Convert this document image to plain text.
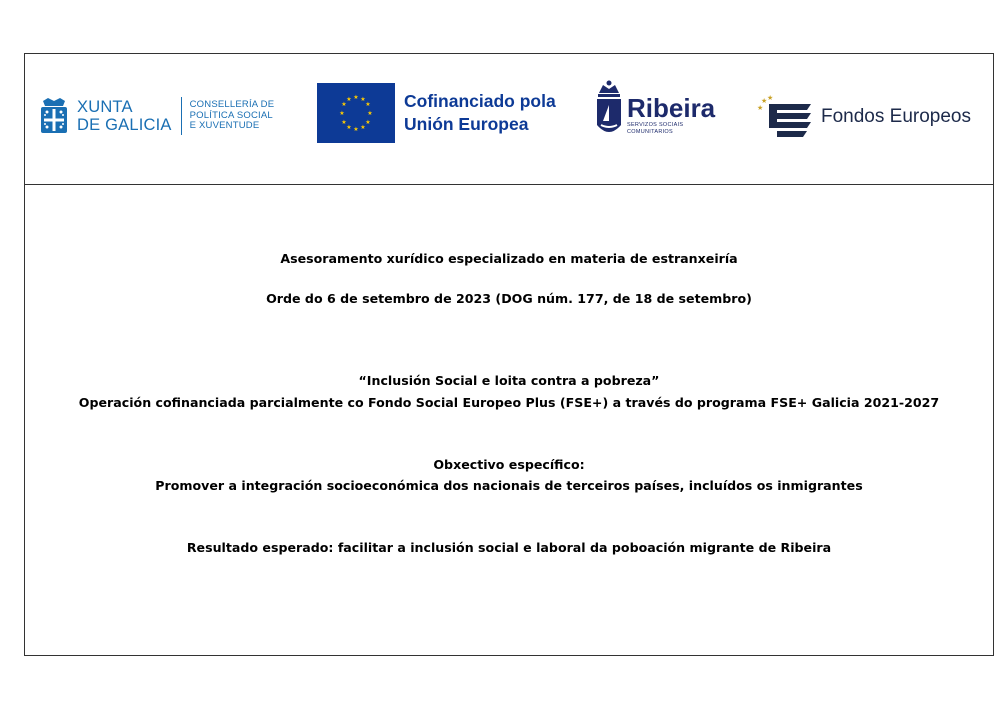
XUNTA
DE GALICIA
CONSELLERÍA DE
POLÍTICA SOCIAL
E XUVENTUDE
★ ★
★
★
★
★
★
★
★
★
★
★	Cofinanciado pola
Unión Europea
Ribeira
SERVIZOS SOCIAIS
COMUNITARIOS
★ ★
★	Fondos Europeos

Asesoramento xurídico especializado en materia de estranxeiría

Orde do 6 de setembro de 2023 (DOG núm. 177, de 18 de setembro)

“Inclusión Social e loita contra a pobreza”

Operación cofinanciada parcialmente co Fondo Social Europeo Plus (FSE+) a través do programa FSE+ Galicia 2021-2027

Obxectivo específico:

Promover a integración socioeconómica dos nacionais de terceiros países, incluídos os inmigrantes

Resultado esperado: facilitar a inclusión social e laboral da poboación migrante de Ribeira
